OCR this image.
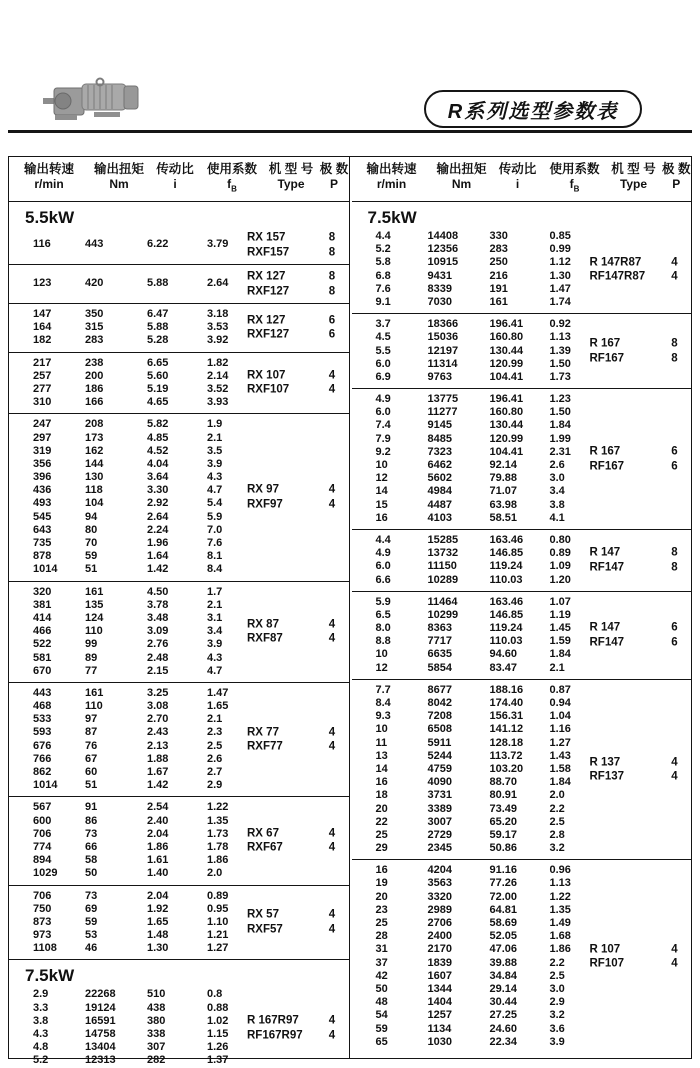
R系列选型参数表
输出转速
r/min
输出扭矩
Nm
传动比
i
使用系数
$f_B$
机 型 号
Type
极 数
P
5.5kW
116	443	6.22	3.79
RX 157	8
RXF157	8
123	420	5.88	2.64
RX 127	8
RXF127	8
147	350	6.47	3.18
164	315	5.88	3.53
182	283	5.28	3.92
RX 127	6
RXF127	6
217	238	6.65	1.82
257	200	5.60	2.14
277	186	5.19	3.52
310	166	4.65	3.93
RX 107	4
RXF107	4
247	208	5.82	1.9
297	173	4.85	2.1
319	162	4.52	3.5
356	144	4.04	3.9
396	130	3.64	4.3
436	118	3.30	4.7
493	104	2.92	5.4
545	94	2.64	5.9
643	80	2.24	7.0
735	70	1.96	7.6
878	59	1.64	8.1
1014	51	1.42	8.4
RX 97	4
RXF97	4
320	161	4.50	1.7
381	135	3.78	2.1
414	124	3.48	3.1
466	110	3.09	3.4
522	99	2.76	3.9
581	89	2.48	4.3
670	77	2.15	4.7
RX 87	4
RXF87	4
443	161	3.25	1.47
468	110	3.08	1.65
533	97	2.70	2.1
593	87	2.43	2.3
676	76	2.13	2.5
766	67	1.88	2.6
862	60	1.67	2.7
1014	51	1.42	2.9
RX 77	4
RXF77	4
567	91	2.54	1.22
600	86	2.40	1.35
706	73	2.04	1.73
774	66	1.86	1.78
894	58	1.61	1.86
1029	50	1.40	2.0
RX 67	4
RXF67	4
706	73	2.04	0.89
750	69	1.92	0.95
873	59	1.65	1.10
973	53	1.48	1.21
1108	46	1.30	1.27
RX 57	4
RXF57	4
7.5kW
2.9	22268	510	0.8
3.3	19124	438	0.88
3.8	16591	380	1.02
4.3	14758	338	1.15
4.8	13404	307	1.26
5.2	12313	282	1.37
R 167R97	4
RF167R97	4
输出转速
r/min
输出扭矩
Nm
传动比
i
使用系数
$f_B$
机 型 号
Type
极 数
P
7.5kW
4.4	14408	330	0.85
5.2	12356	283	0.99
5.8	10915	250	1.12
6.8	9431	216	1.30
7.6	8339	191	1.47
9.1	7030	161	1.74
R 147R87	4
RF147R87	4
3.7	18366	196.41	0.92
4.5	15036	160.80	1.13
5.5	12197	130.44	1.39
6.0	11314	120.99	1.50
6.9	9763	104.41	1.73
R 167	8
RF167	8
4.9	13775	196.41	1.23
6.0	11277	160.80	1.50
7.4	9145	130.44	1.84
7.9	8485	120.99	1.99
9.2	7323	104.41	2.31
10	6462	92.14	2.6
12	5602	79.88	3.0
14	4984	71.07	3.4
15	4487	63.98	3.8
16	4103	58.51	4.1
R 167	6
RF167	6
4.4	15285	163.46	0.80
4.9	13732	146.85	0.89
6.0	11150	119.24	1.09
6.6	10289	110.03	1.20
R 147	8
RF147	8
5.9	11464	163.46	1.07
6.5	10299	146.85	1.19
8.0	8363	119.24	1.45
8.8	7717	110.03	1.59
10	6635	94.60	1.84
12	5854	83.47	2.1
R 147	6
RF147	6
7.7	8677	188.16	0.87
8.4	8042	174.40	0.94
9.3	7208	156.31	1.04
10	6508	141.12	1.16
11	5911	128.18	1.27
13	5244	113.72	1.43
14	4759	103.20	1.58
16	4090	88.70	1.84
18	3731	80.91	2.0
20	3389	73.49	2.2
22	3007	65.20	2.5
25	2729	59.17	2.8
29	2345	50.86	3.2
R 137	4
RF137	4
16	4204	91.16	0.96
19	3563	77.26	1.13
20	3320	72.00	1.22
23	2989	64.81	1.35
25	2706	58.69	1.49
28	2400	52.05	1.68
31	2170	47.06	1.86
37	1839	39.88	2.2
42	1607	34.84	2.5
50	1344	29.14	3.0
48	1404	30.44	2.9
54	1257	27.25	3.2
59	1134	24.60	3.6
65	1030	22.34	3.9
R 107	4
RF107	4
